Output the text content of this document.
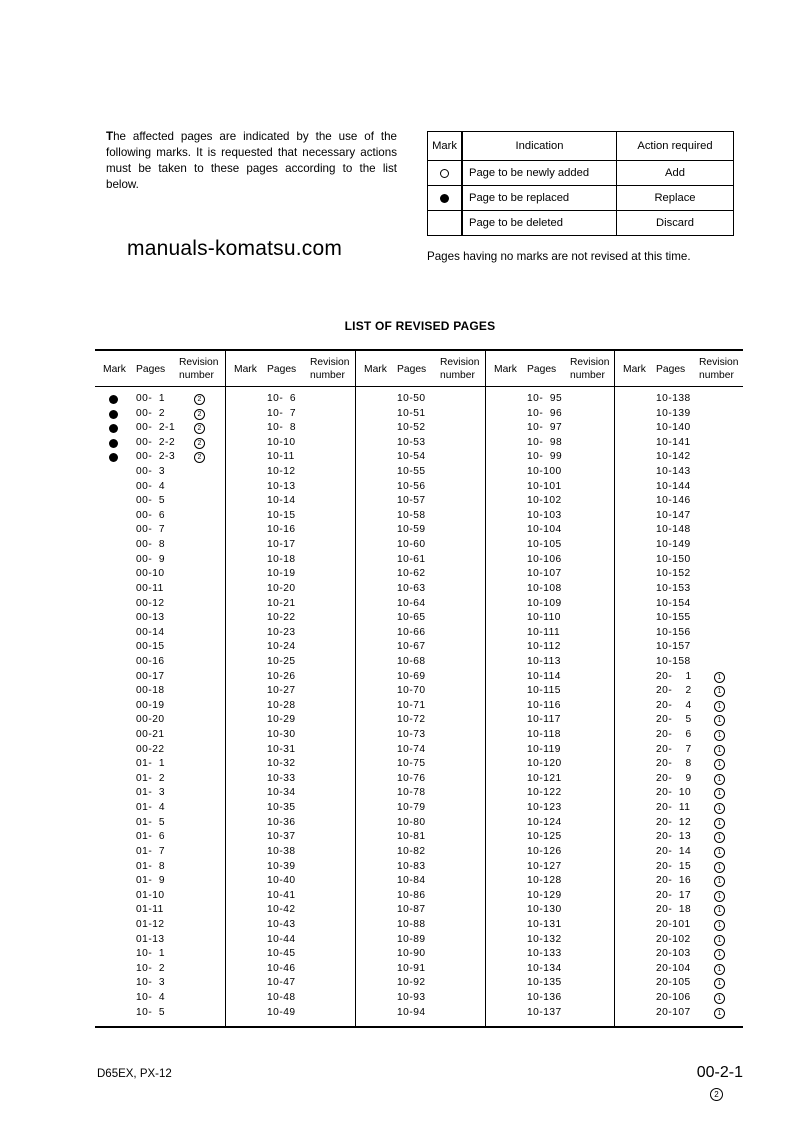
The affected pages are indicated by the use of the following marks. It is requested that necessary actions must be taken to these pages according to the list below.
manuals-komatsu.com
Mark	Indication	Action required
	Page to be newly added	Add
	Page to be replaced	Replace
	Page to be deleted	Discard
Pages having no marks are not revised at this time.
LIST OF REVISED PAGES
Mark Pages
Revision
number
00-  1	2
00-  2	2
00-  2-1	2
00-  2-2	2
00-  2-3	2
00-  3
00-  4
00-  5
00-  6
00-  7
00-  8
00-  9
00-10
00-11
00-12
00-13
00-14
00-15
00-16
00-17
00-18
00-19
00-20
00-21
00-22
01-  1
01-  2
01-  3
01-  4
01-  5
01-  6
01-  7
01-  8
01-  9
01-10
01-11
01-12
01-13
10-  1
10-  2
10-  3
10-  4
10-  5
Mark Pages
Revision
number
10-  6
10-  7
10-  8
10-10
10-11
10-12
10-13
10-14
10-15
10-16
10-17
10-18
10-19
10-20
10-21
10-22
10-23
10-24
10-25
10-26
10-27
10-28
10-29
10-30
10-31
10-32
10-33
10-34
10-35
10-36
10-37
10-38
10-39
10-40
10-41
10-42
10-43
10-44
10-45
10-46
10-47
10-48
10-49
Mark Pages
Revision
number
10-50
10-51
10-52
10-53
10-54
10-55
10-56
10-57
10-58
10-59
10-60
10-61
10-62
10-63
10-64
10-65
10-66
10-67
10-68
10-69
10-70
10-71
10-72
10-73
10-74
10-75
10-76
10-78
10-79
10-80
10-81
10-82
10-83
10-84
10-86
10-87
10-88
10-89
10-90
10-91
10-92
10-93
10-94
Mark Pages
Revision
number
10-  95
10-  96
10-  97
10-  98
10-  99
10-100
10-101
10-102
10-103
10-104
10-105
10-106
10-107
10-108
10-109
10-110
10-111
10-112
10-113
10-114
10-115
10-116
10-117
10-118
10-119
10-120
10-121
10-122
10-123
10-124
10-125
10-126
10-127
10-128
10-129
10-130
10-131
10-132
10-133
10-134
10-135
10-136
10-137
Mark Pages
Revision
number
10-138
10-139
10-140
10-141
10-142
10-143
10-144
10-146
10-147
10-148
10-149
10-150
10-152
10-153
10-154
10-155
10-156
10-157
10-158
20-    1	1
20-    2	1
20-    4	1
20-    5	1
20-    6	1
20-    7	1
20-    8	1
20-    9	1
20-  10	1
20-  11	1
20-  12	1
20-  13	1
20-  14	1
20-  15	1
20-  16	1
20-  17	1
20-  18	1
20-101	1
20-102	1
20-103	1
20-104	1
20-105	1
20-106	1
20-107	1
D65EX, PX-12	00-2-1
2
